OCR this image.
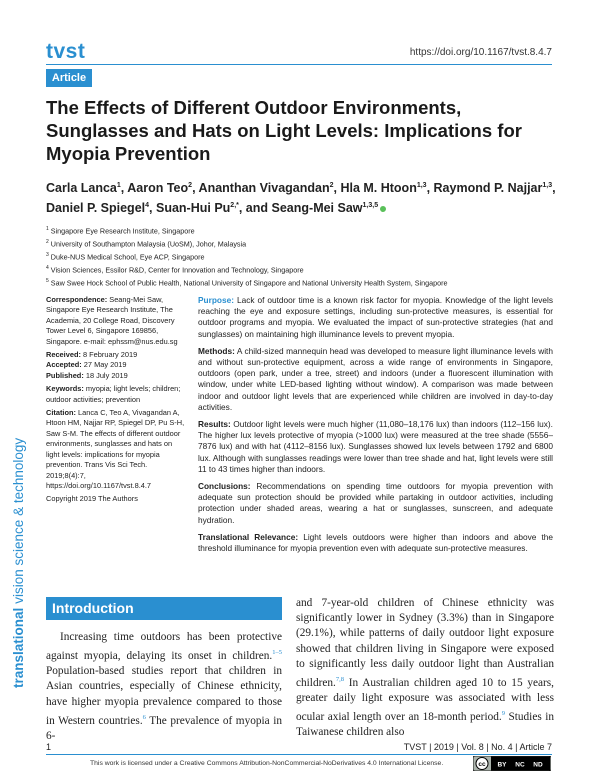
tvst	https://doi.org/10.1167/tvst.8.4.7
Article
The Effects of Different Outdoor Environments, Sunglasses and Hats on Light Levels: Implications for Myopia Prevention
Carla Lanca$^1$, Aaron Teo$^2$, Ananthan Vivagandan$^2$, Hla M. Htoon$^{1,3}$, Raymond P. Najjar$^{1,3}$, Daniel P. Spiegel$^4$, Suan-Hui $Pu^{2,*}$, and Seang-Mei Saw$^{1,3,5}$
$^1$ Singapore Eye Research Institute, Singapore
$^2$ University of Southampton Malaysia (UoSM), Johor, Malaysia
$^3$ Duke-NUS Medical School, Eye ACP, Singapore
$^4$ Vision Sciences, Essilor R&D, Center for Innovation and Technology, Singapore
$^5$ Saw Swee Hock School of Public Health, National University of Singapore and National University Health System, Singapore
translationalvision science & technology

Correspondence: Seang-Mei Saw, Singapore Eye Research Institute, The Academia, 20 College Road, Discovery Tower Level 6, Singapore 169856, Singapore. e-mail: ephssm@nus.edu.sg

Received: 8 February 2019

Accepted: 27 May 2019

Published: 18 July 2019

Keywords: myopia; light levels; children; outdoor activities; prevention

Citation: Lanca C, Teo A, Vivagandan A, Htoon HM, Najjar RP, Spiegel DP, Pu S-H, Saw S-M. The effects of different outdoor environments, sunglasses and hats on light levels: implications for myopia prevention. Trans Vis Sci Tech. 2019;8(4):7, https://doi.org/10.1167/tvst.8.4.7

Copyright 2019 The Authors

Purpose: Lack of outdoor time is a known risk factor for myopia. Knowledge of the light levels reaching the eye and exposure settings, including sun-protective measures, is essential for outdoor programs and myopia. We evaluated the impact of sun-protective strategies (hat and sunglasses) on maintaining high illuminance levels to prevent myopia.

Methods: A child-sized mannequin head was developed to measure light illuminance levels with and without sun-protective equipment, across a wide range of environments in Singapore, outdoors (open park, under a tree, street) and indoors (under a fluorescent illumination with window, under white LED-based lighting without window). A comparison was made between indoor and outdoor light levels that are experienced while children are involved in day-to-day activities.

Results: Outdoor light levels were much higher (11,080–18,176 lux) than indoors (112–156 lux). The higher lux levels protective of myopia (>1000 lux) were measured at the tree shade (5556–7876 lux) and with hat (4112–8156 lux). Sunglasses showed lux levels between 1792 and 6800 lux. Although with sunglasses readings were lower than tree shade and hat, light levels were still 11 to 43 times higher than indoors.

Conclusions: Recommendations on spending time outdoors for myopia prevention with adequate sun protection should be provided while partaking in outdoor activities, including protection under shaded areas, wearing a hat or sunglasses, sunscreen, and adequate hydration.

Translational Relevance: Light levels outdoors were higher than indoors and above the threshold illuminance for myopia prevention even with adequate sun-protective measures.

Introduction

Increasing time outdoors has been protective against myopia, delaying its onset in children.$^{1-5}$ Population-based studies report that children in Asian countries, especially of Chinese ethnicity, have higher myopia prevalence compared to those in Western countries.$^6$ The prevalence of myopia in 6-

and 7-year-old children of Chinese ethnicity was significantly lower in Sydney (3.3%) than in Singapore (29.1%), while patterns of daily outdoor light exposure showed that children living in Singapore were exposed to significantly less daily outdoor light than Australian children.$^{7,8}$ In Australian children aged 10 to 15 years, greater daily light exposure was associated with less ocular axial length over an 18-month period.$^9$ Studies in Taiwanese children also

1	TVST | 2019 | Vol. 8 | No. 4 | Article 7
This work is licensed under a Creative Commons Attribution-NonCommercial-NoDerivatives 4.0 International License.	cc BY NC ND
